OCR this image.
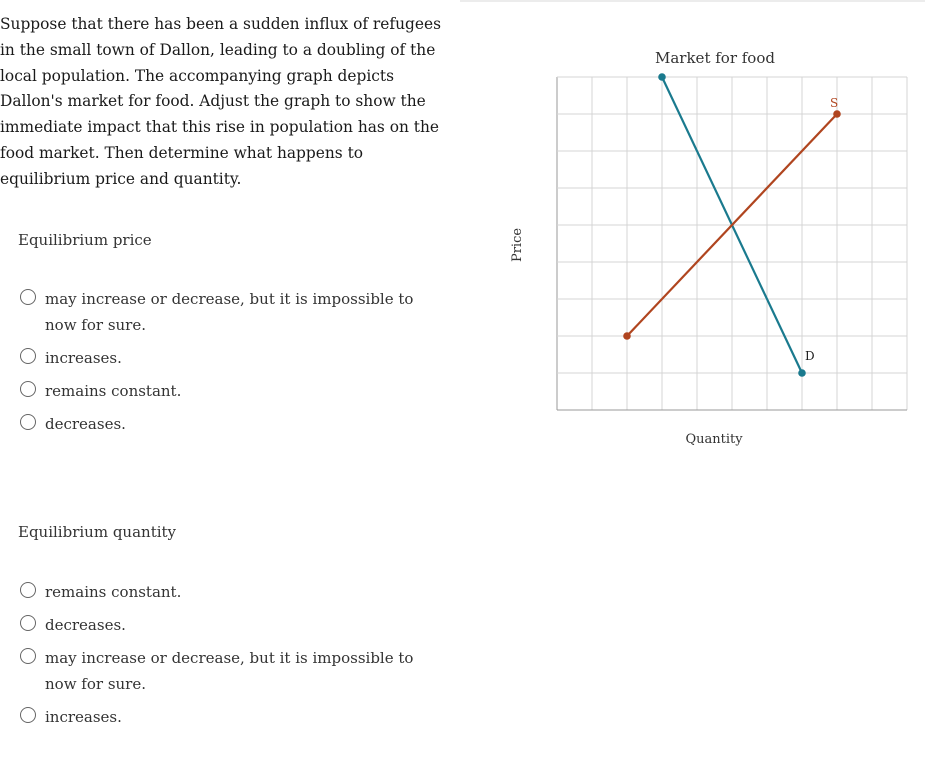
Suppose that there has been a sudden influx of refugees in the small town of Dallon, leading to a doubling of the local population. The accompanying graph depicts Dallon's market for food. Adjust the graph to show the immediate impact that this rise in population has on the food market. Then determine what happens to equilibrium price and quantity.
Equilibrium price
may increase or decrease, but it is impossible to now for sure.
increases.
remains constant.
decreases.
Equilibrium quantity
remains constant.
decreases.
may increase or decrease, but it is impossible to now for sure.
increases.
Market for food
Price
Quantity
D
S
